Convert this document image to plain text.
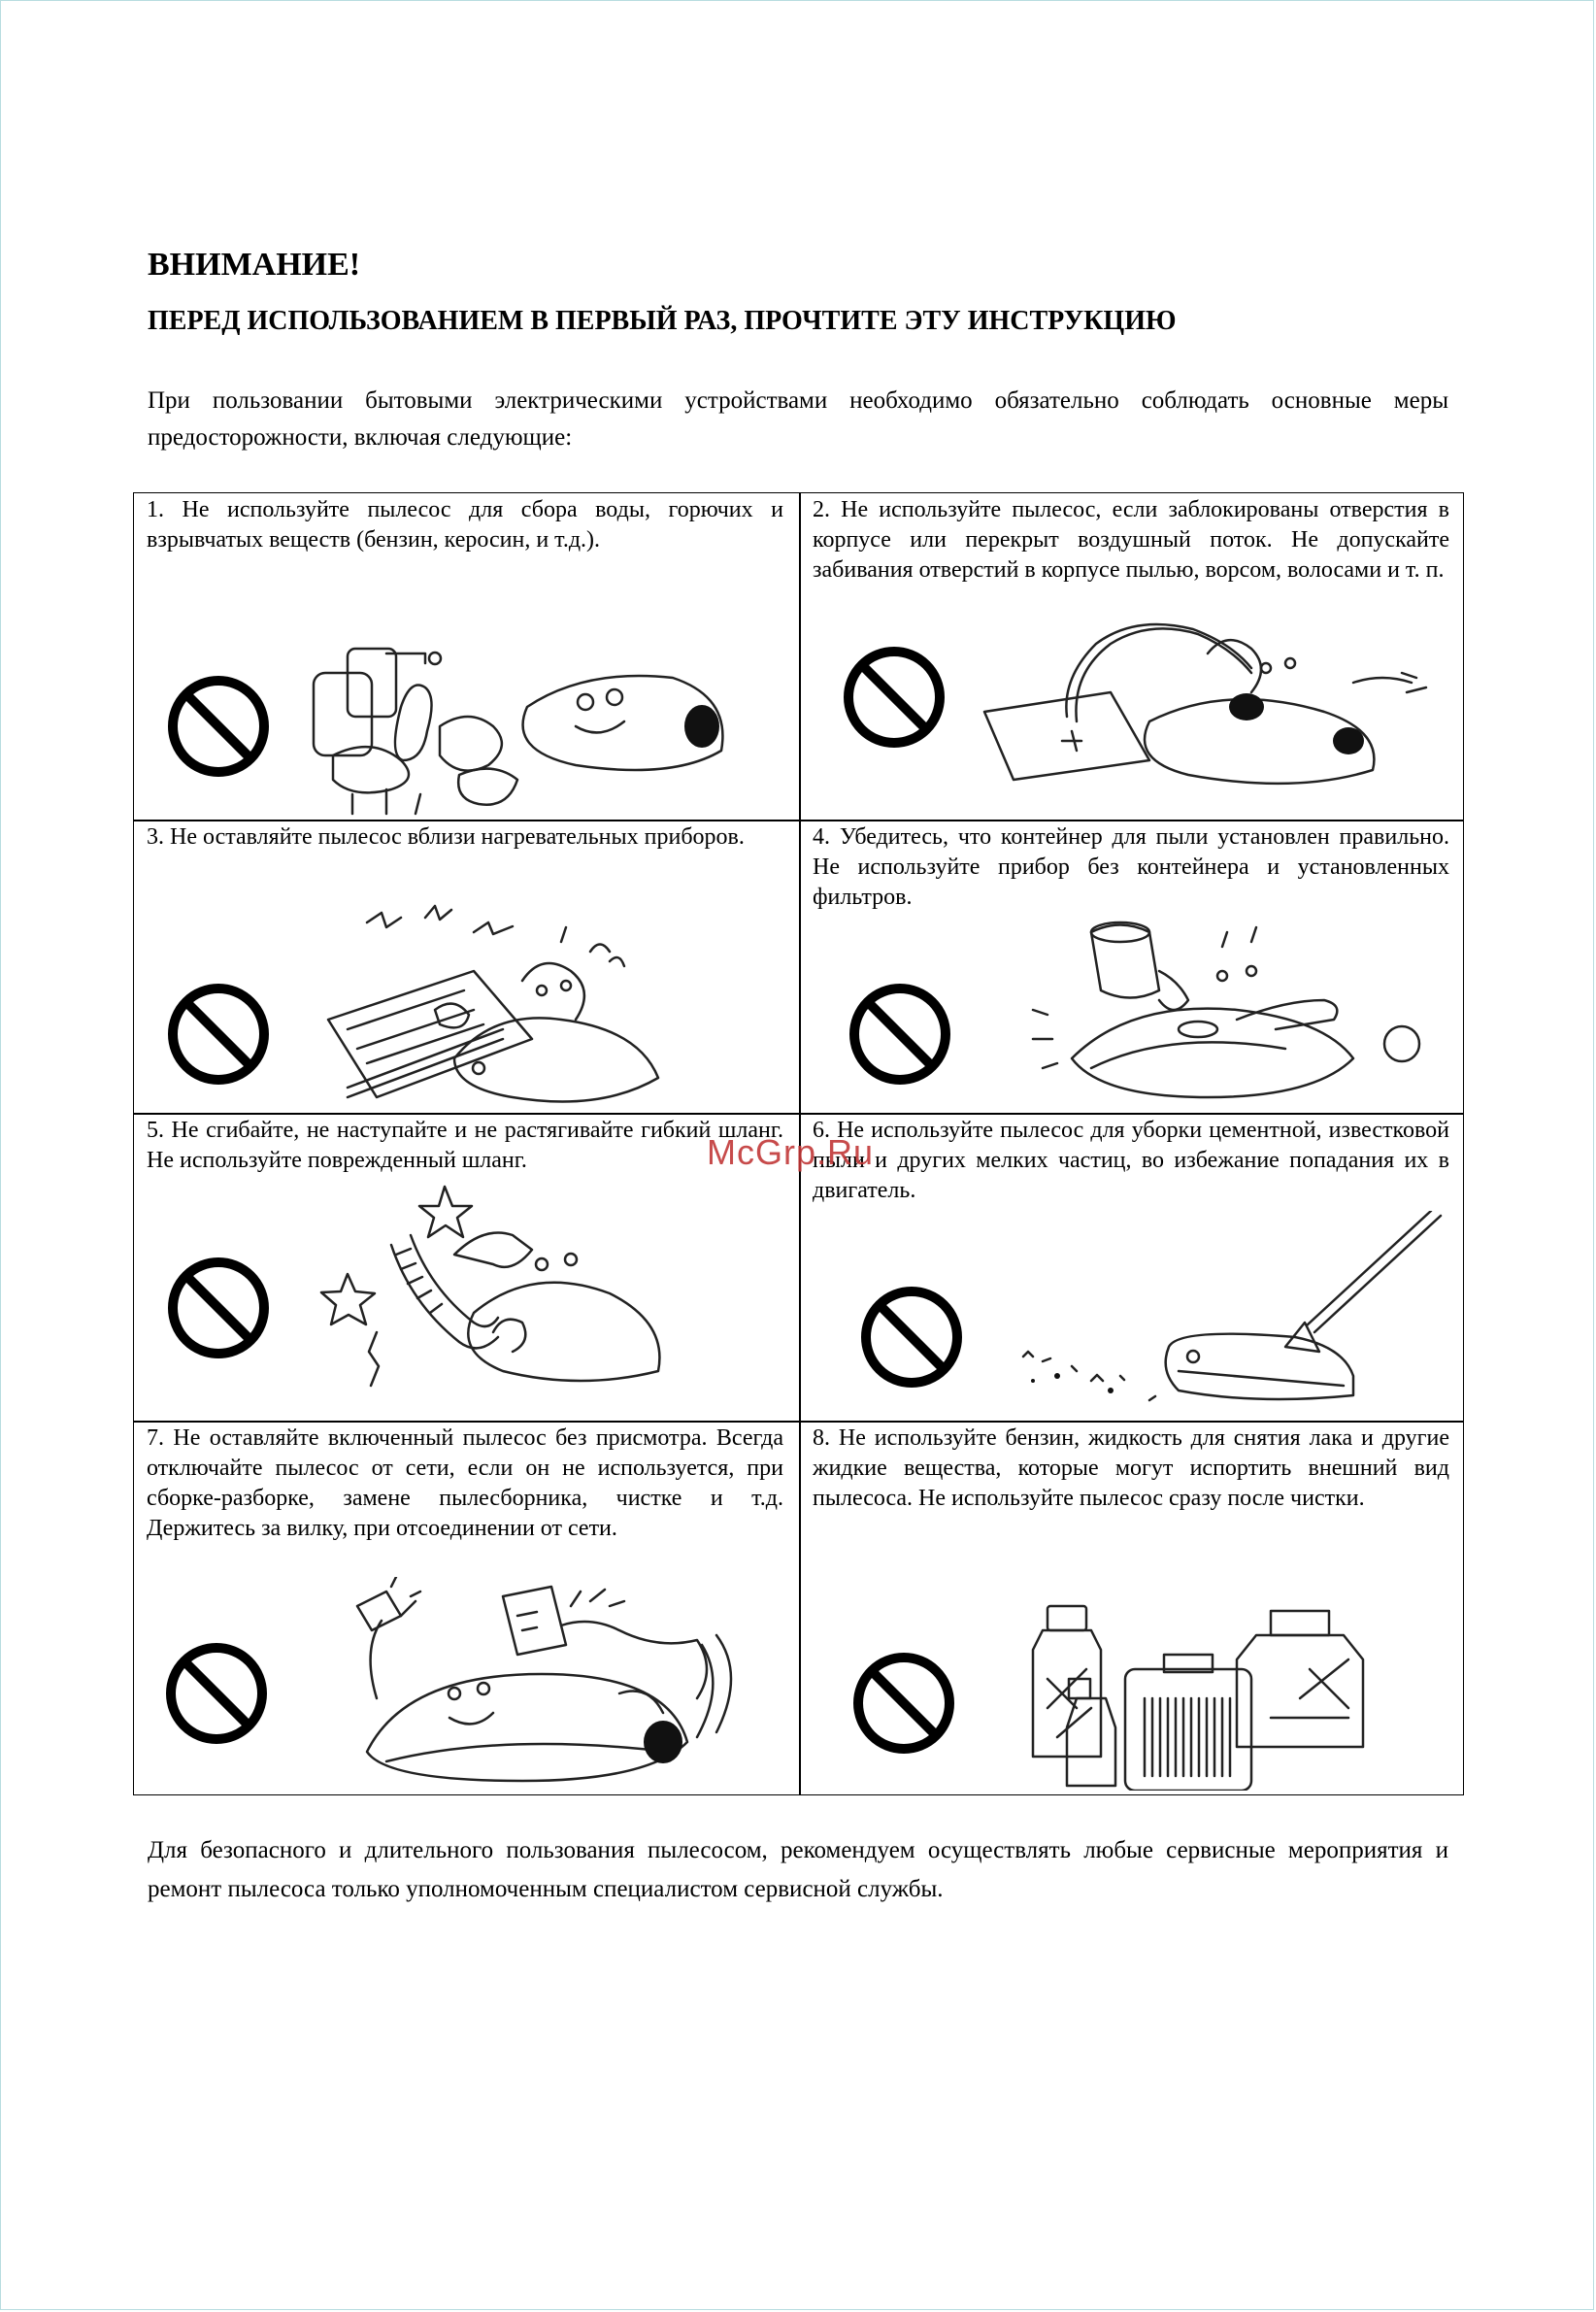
ВНИМАНИЕ!
ПЕРЕД ИСПОЛЬЗОВАНИЕМ В ПЕРВЫЙ РАЗ, ПРОЧТИТЕ ЭТУ ИНСТРУКЦИЮ

При пользовании бытовыми электрическими устройствами необходимо обязательно соблюдать основные меры предосторожности, включая следующие:

1. Не используйте пылесос для сбора воды, горючих и взрывчатых веществ (бензин, керосин, и т.д.).

2. Не используйте пылесос, если заблокированы отверстия в корпусе или перекрыт воздушный поток. Не допускайте забивания отверстий в корпусе пылью, ворсом, волосами и т. п.

3. Не оставляйте пылесос вблизи нагревательных приборов.	4. Убедитесь, что контейнер для пыли установлен правильно. Не используйте прибор без контейнера и установленных фильтров.

5. Не сгибайте, не наступайте и не растягивайте гибкий шланг. Не используйте поврежденный шланг.

6. Не используйте пылесос для уборки цементной, известковой пыли и других мелких частиц, во избежание попадания их в двигатель.

7. Не оставляйте включенный пылесос без присмотра. Всегда отключайте пылесос от сети, если он не используется, при сборке-разборке, замене пылесборника, чистке и т.д. Держитесь за вилку, при отсоединении от сети.

8. Не используйте бензин, жидкость для снятия лака и другие жидкие вещества, которые могут испортить внешний вид пылесоса. Не используйте пылесос сразу после чистки.

Для безопасного и длительного пользования пылесосом, рекомендуем осуществлять любые сервисные мероприятия и ремонт пылесоса только уполномоченным специалистом сервисной службы.

McGrp.Ru
